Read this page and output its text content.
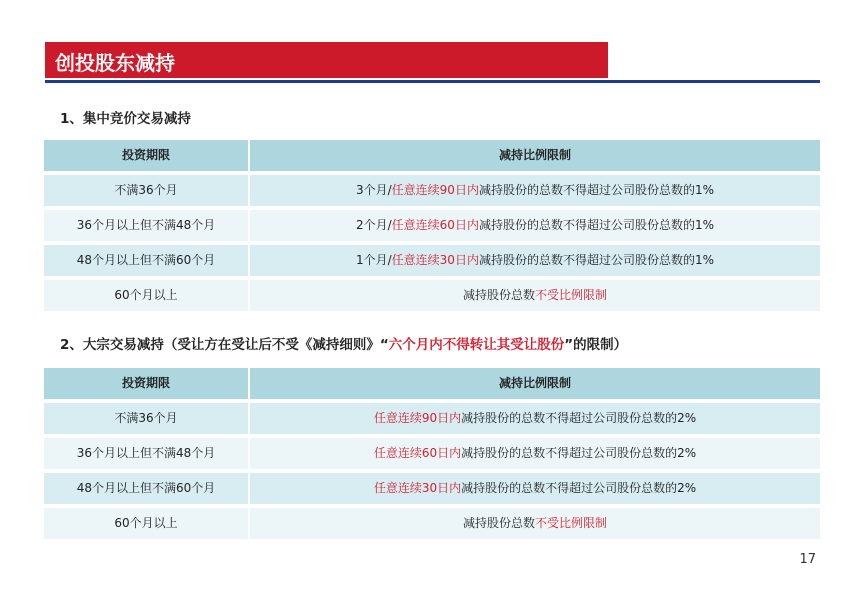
创投股东减持
1、集中竞价交易减持
投资期限	减持比例限制
不满36个月	3个月/任意连续90日内减持股份的总数不得超过公司股份总数的1%
36个月以上但不满48个月	2个月/任意连续60日内减持股份的总数不得超过公司股份总数的1%
48个月以上但不满60个月	1个月/任意连续30日内减持股份的总数不得超过公司股份总数的1%
60个月以上	减持股份总数不受比例限制
2、大宗交易减持（受让方在受让后不受《减持细则》“六个月内不得转让其受让股份”的限制）
投资期限	减持比例限制
不满36个月	任意连续90日内减持股份的总数不得超过公司股份总数的2%
36个月以上但不满48个月	任意连续60日内减持股份的总数不得超过公司股份总数的2%
48个月以上但不满60个月	任意连续30日内减持股份的总数不得超过公司股份总数的2%
60个月以上	减持股份总数不受比例限制
17
